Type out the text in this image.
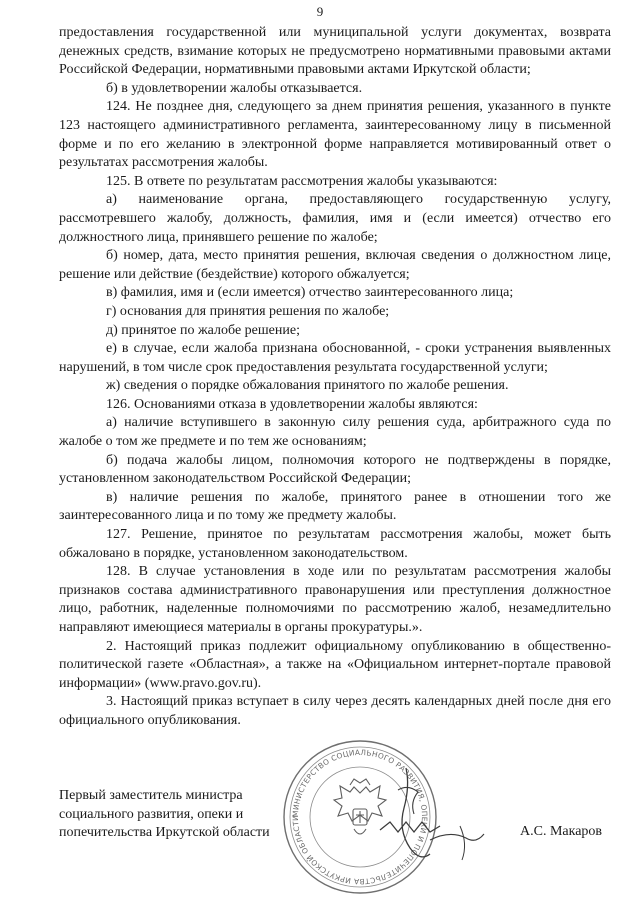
9

предоставления государственной или муниципальной услуги документах, возврата денежных средств, взимание которых не предусмотрено нормативными правовыми актами Российской Федерации, нормативными правовыми актами Иркутской области;

б) в удовлетворении жалобы отказывается.

124. Не позднее дня, следующего за днем принятия решения, указанного в пункте 123 настоящего административного регламента, заинтересованному лицу в письменной форме и по его желанию в электронной форме направляется мотивированный ответ о результатах рассмотрения жалобы.

125. В ответе по результатам рассмотрения жалобы указываются:

а) наименование органа, предоставляющего государственную услугу, рассмотревшего жалобу, должность, фамилия, имя и (если имеется) отчество его должностного лица, принявшего решение по жалобе;

б) номер, дата, место принятия решения, включая сведения о должностном лице, решение или действие (бездействие) которого обжалуется;

в) фамилия, имя и (если имеется) отчество заинтересованного лица;

г) основания для принятия решения по жалобе;

д) принятое по жалобе решение;

е) в случае, если жалоба признана обоснованной, - сроки устранения выявленных нарушений, в том числе срок предоставления результата государственной услуги;

ж) сведения о порядке обжалования принятого по жалобе решения.

126. Основаниями отказа в удовлетворении жалобы являются:

а) наличие вступившего в законную силу решения суда, арбитражного суда по жалобе о том же предмете и по тем же основаниям;

б) подача жалобы лицом, полномочия которого не подтверждены в порядке, установленном законодательством Российской Федерации;

в) наличие решения по жалобе, принятого ранее в отношении того же заинтересованного лица и по тому же предмету жалобы.

127. Решение, принятое по результатам рассмотрения жалобы, может быть обжаловано в порядке, установленном законодательством.

128. В случае установления в ходе или по результатам рассмотрения жалобы признаков состава административного правонарушения или преступления должностное лицо, работник, наделенные полномочиями по рассмотрению жалоб, незамедлительно направляют имеющиеся материалы в органы прокуратуры.».

2. Настоящий приказ подлежит официальному опубликованию в общественно-политической газете «Областная», а также на «Официальном интернет-портале правовой информации» (www.pravo.gov.ru).

3. Настоящий приказ вступает в силу через десять календарных дней после дня его официального опубликования.

МИНИСТЕРСТВО СОЦИАЛЬНОГО РАЗВИТИЯ, ОПЕКИ И ПОПЕЧИТЕЛЬСТВА ИРКУТСКОЙ ОБЛАСТИ
Первый заместитель министра
социального развития, опеки и
попечительства Иркутской области	А.С. Макаров
